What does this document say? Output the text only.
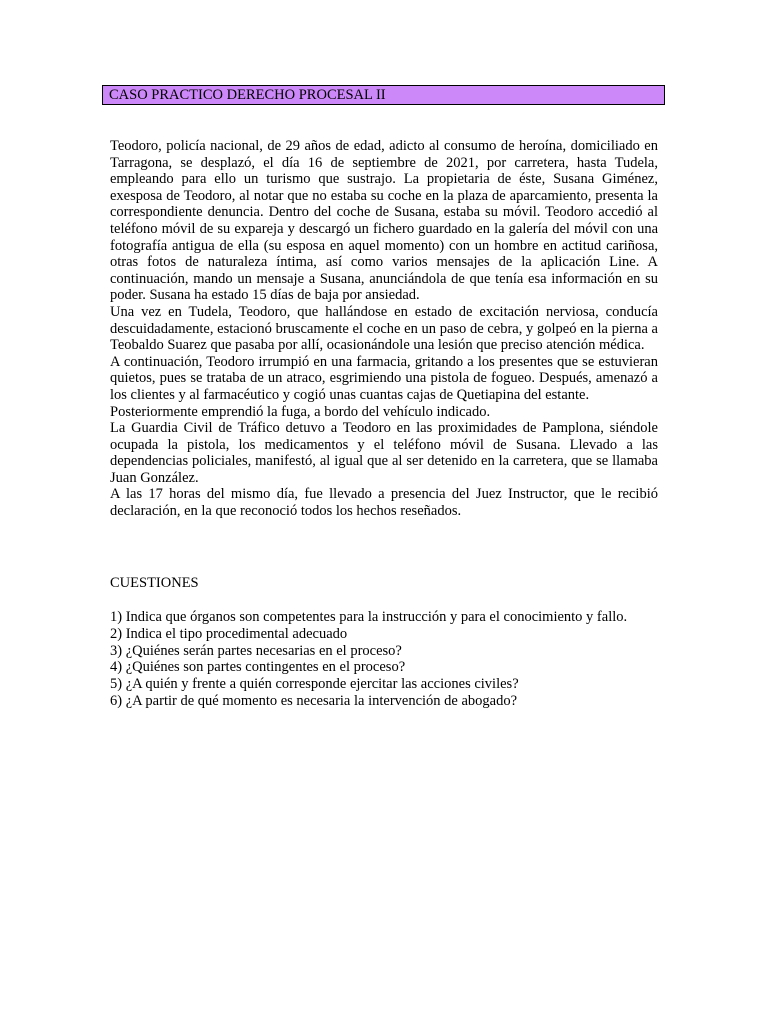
CASO PRACTICO DERECHO PROCESAL II

Teodoro, policía nacional, de 29 años de edad, adicto al consumo de heroína, domiciliado en Tarragona, se desplazó, el día 16 de septiembre de 2021, por carretera, hasta Tudela, empleando para ello un turismo que sustrajo. La propietaria de éste, Susana Giménez, exesposa de Teodoro, al notar que no estaba su coche en la plaza de aparcamiento, presenta la correspondiente denuncia. Dentro del coche de Susana, estaba su móvil. Teodoro accedió al teléfono móvil de su expareja y descargó un fichero guardado en la galería del móvil con una fotografía antigua de ella (su esposa en aquel momento) con un hombre en actitud cariñosa, otras fotos de naturaleza íntima, así como varios mensajes de la aplicación Line. A continuación, mando un mensaje a Susana, anunciándola de que tenía esa información en su poder. Susana ha estado 15 días de baja por ansiedad.

Una vez en Tudela, Teodoro, que hallándose en estado de excitación nerviosa, conducía descuidadamente, estacionó bruscamente el coche en un paso de cebra, y golpeó en la pierna a Teobaldo Suarez que pasaba por allí, ocasionándole una lesión que preciso atención médica.

A continuación, Teodoro irrumpió en una farmacia, gritando a los presentes que se estuvieran quietos, pues se trataba de un atraco, esgrimiendo una pistola de fogueo. Después, amenazó a los clientes y al farmacéutico y cogió unas cuantas cajas de Quetiapina del estante.

Posteriormente emprendió la fuga, a bordo del vehículo indicado.

La Guardia Civil de Tráfico detuvo a Teodoro en las proximidades de Pamplona, siéndole ocupada la pistola, los medicamentos y el teléfono móvil de Susana. Llevado a las dependencias policiales, manifestó, al igual que al ser detenido en la carretera, que se llamaba Juan González.

A las 17 horas del mismo día, fue llevado a presencia del Juez Instructor, que le recibió declaración, en la que reconoció todos los hechos reseñados.

CUESTIONES

1) Indica que órganos son competentes para la instrucción y para el conocimiento y fallo.
2) Indica el tipo procedimental adecuado
3) ¿Quiénes serán partes necesarias en el proceso?
4) ¿Quiénes son partes contingentes en el proceso?
5) ¿A quién y frente a quién corresponde ejercitar las acciones civiles?
6) ¿A partir de qué momento es necesaria la intervención de abogado?
